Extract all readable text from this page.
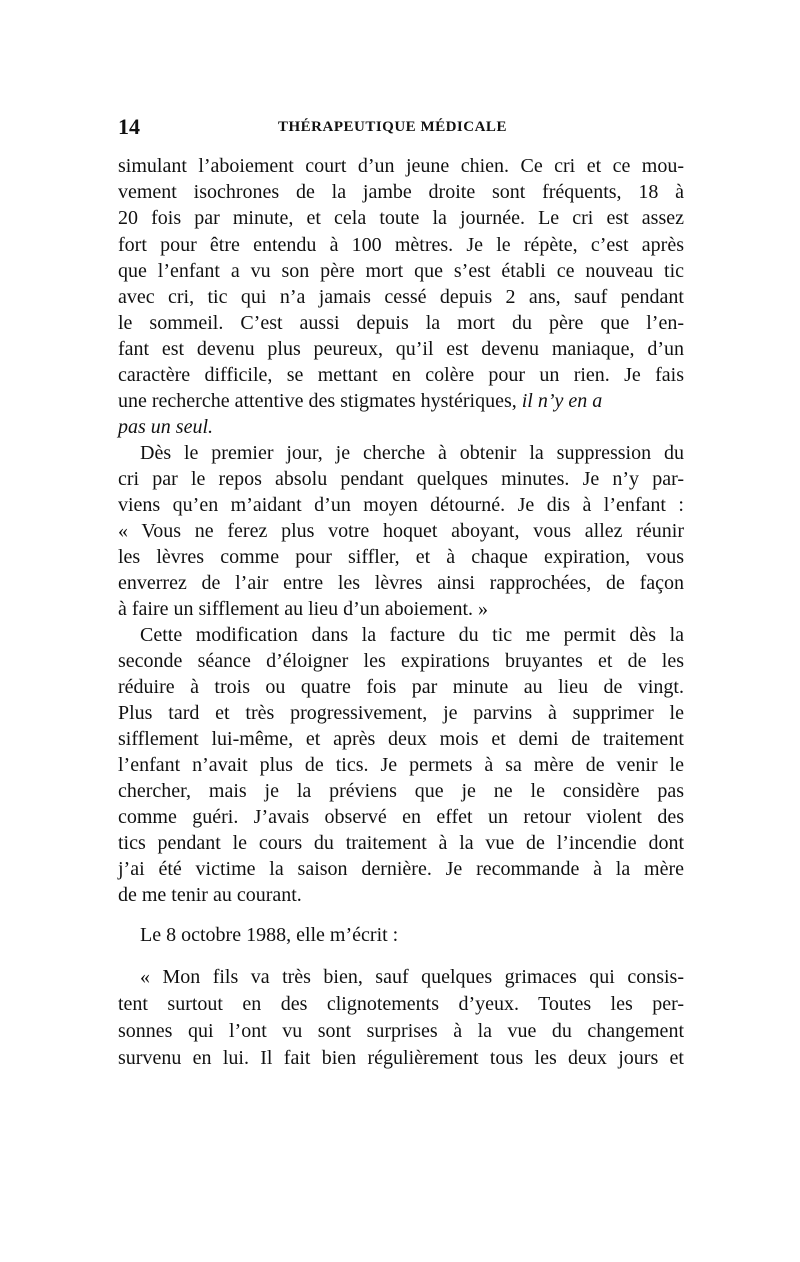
14	THÉRAPEUTIQUE MÉDICALE
simulant l’aboiement court d’un jeune chien. Ce cri et ce mou-
vement isochrones de la jambe droite sont fréquents, 18 à
20 fois par minute, et cela toute la journée. Le cri est assez
fort pour être entendu à 100 mètres. Je le répète, c’est après
que l’enfant a vu son père mort que s’est établi ce nouveau tic
avec cri, tic qui n’a jamais cessé depuis 2 ans, sauf pendant
le sommeil. C’est aussi depuis la mort du père que l’en-
fant est devenu plus peureux, qu’il est devenu maniaque, d’un
caractère difficile, se mettant en colère pour un rien. Je fais
une recherche attentive des stigmates hystériques, il n’y en a
pas un seul.
Dès le premier jour, je cherche à obtenir la suppression du
cri par le repos absolu pendant quelques minutes. Je n’y par-
viens qu’en m’aidant d’un moyen détourné. Je dis à l’enfant :
« Vous ne ferez plus votre hoquet aboyant, vous allez réunir
les lèvres comme pour siffler, et à chaque expiration, vous
enverrez de l’air entre les lèvres ainsi rapprochées, de façon
à faire un sifflement au lieu d’un aboiement. »
Cette modification dans la facture du tic me permit dès la
seconde séance d’éloigner les expirations bruyantes et de les
réduire à trois ou quatre fois par minute au lieu de vingt.
Plus tard et très progressivement, je parvins à supprimer le
sifflement lui-même, et après deux mois et demi de traitement
l’enfant n’avait plus de tics. Je permets à sa mère de venir le
chercher, mais je la préviens que je ne le considère pas
comme guéri. J’avais observé en effet un retour violent des
tics pendant le cours du traitement à la vue de l’incendie dont
j’ai été victime la saison dernière. Je recommande à la mère
de me tenir au courant.
Le 8 octobre 1988, elle m’écrit :
« Mon fils va très bien, sauf quelques grimaces qui consis-
tent surtout en des clignotements d’yeux. Toutes les per-
sonnes qui l’ont vu sont surprises à la vue du changement
survenu en lui. Il fait bien régulièrement tous les deux jours et
